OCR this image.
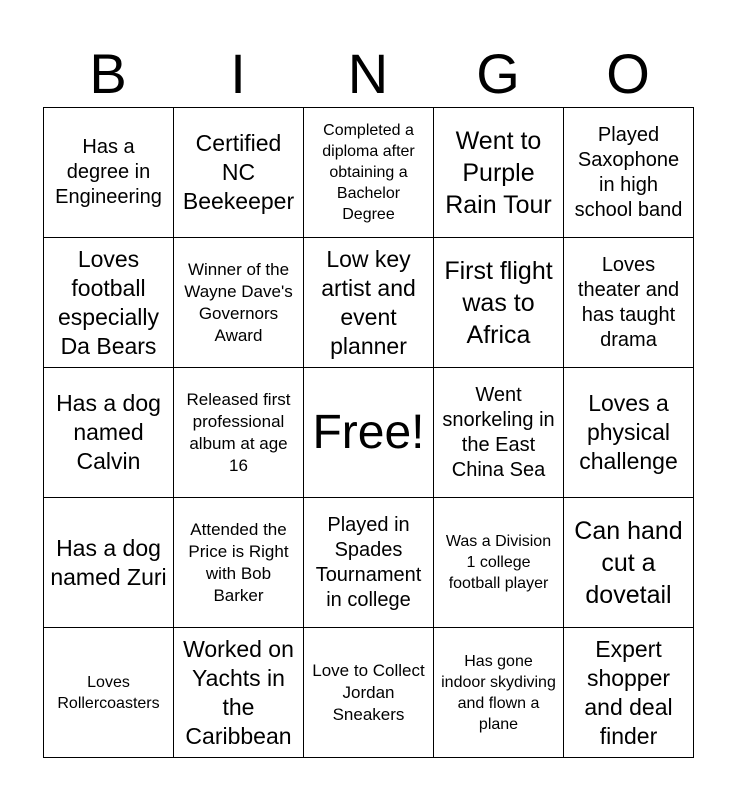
B	I	N	G	O
Has a degree in Engineering	Certified NC Beekeeper	Completed a diploma after obtaining a Bachelor Degree	Went to Purple Rain Tour	Played Saxophone in high school band

Loves football especially Da Bears	Winner of the Wayne Dave's Governors Award	Low key artist and event planner	First flight was to Africa	Loves theater and has taught drama

Has a dog named Calvin	Released first professional album at age 16	Free!	Went snorkeling in the East China Sea	Loves a physical challenge

Has a dog named Zuri	Attended the Price is Right with Bob Barker	Played in Spades Tournament in college	Was a Division 1 college football player	Can hand cut a dovetail

Loves Rollercoasters	Worked on Yachts in the Caribbean	Love to Collect Jordan Sneakers	Has gone indoor skydiving and flown a plane	Expert shopper and deal finder
